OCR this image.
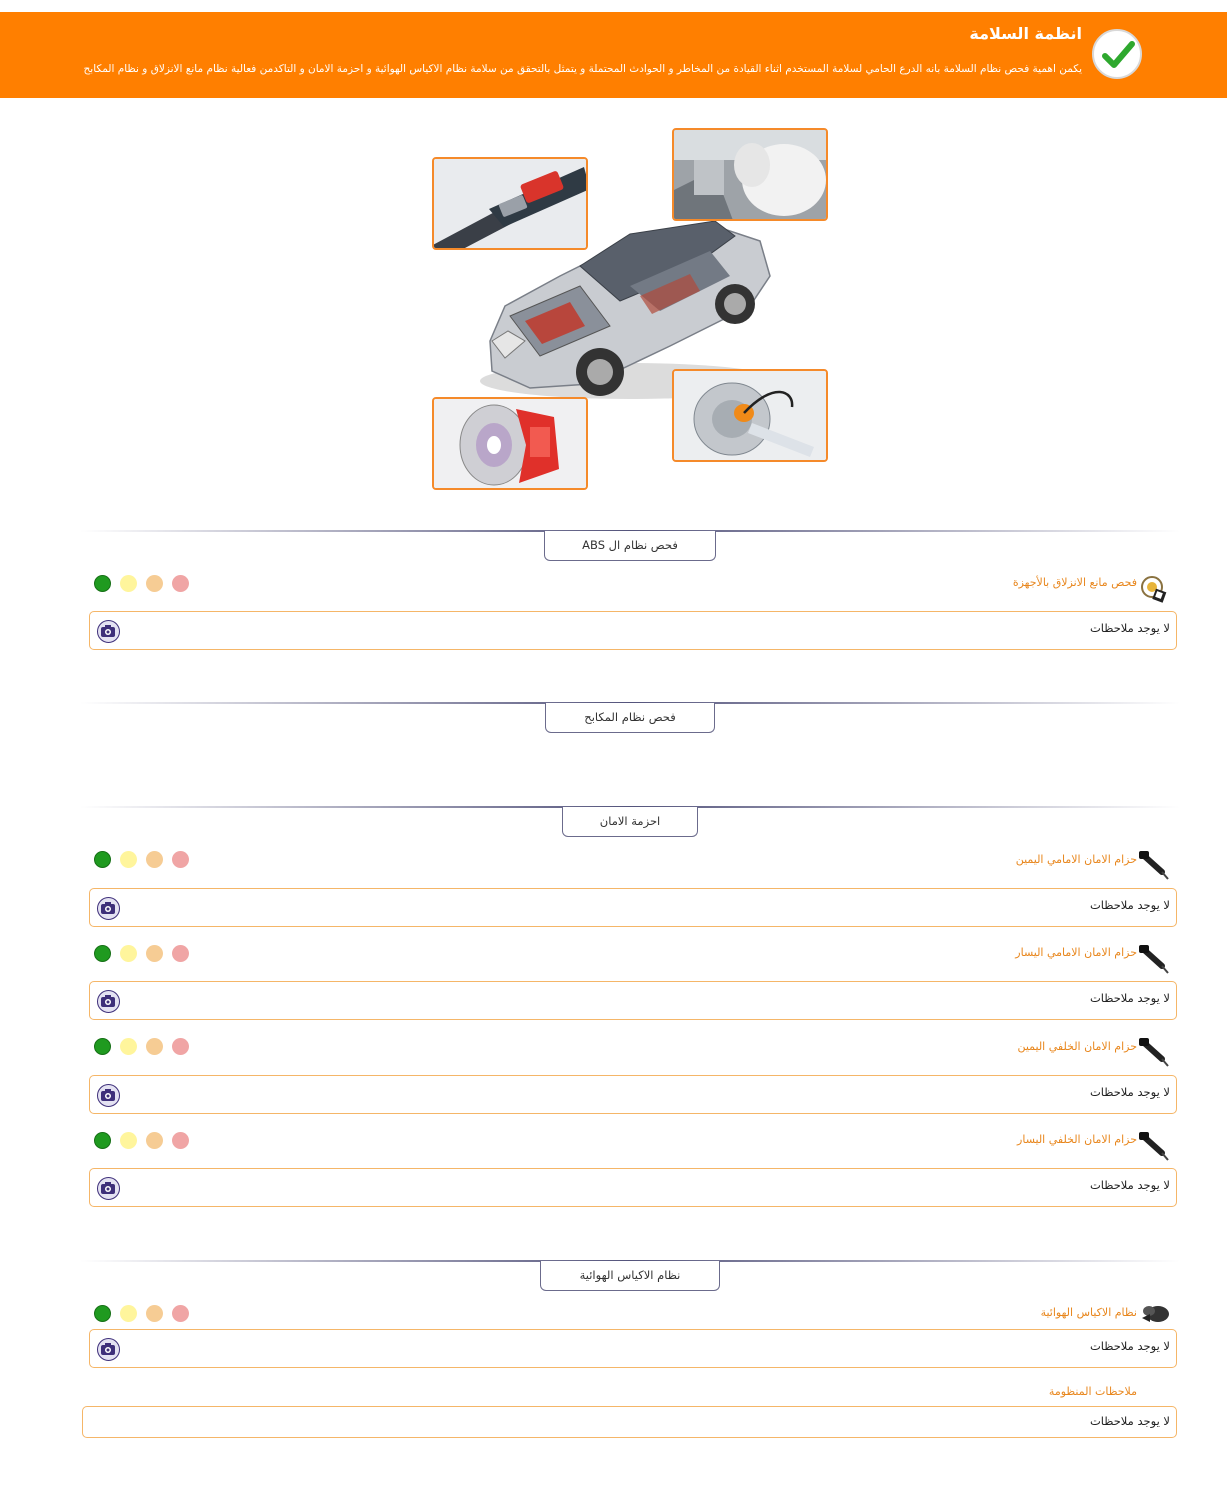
انظمة السلامة
يكمن اهمية فحص نظام السلامة بانه الدرع الحامي لسلامة المستخدم اثناء القيادة من المخاطر و الحوادث المحتملة و يتمثل بالتحقق من سلامة نظام الاكياس الهوائية و احزمة الامان و التاكدمن فعالية نظام مانع الانزلاق و نظام المكابح
فحص نظام ال ABS
فحص مانع الانزلاق بالأجهزة
لا يوجد ملاحظات
فحص نظام المكابح
احزمة الامان
حزام الامان الامامي اليمين
لا يوجد ملاحظات
حزام الامان الامامي اليسار
لا يوجد ملاحظات
حزام الامان الخلفي اليمين
لا يوجد ملاحظات
حزام الامان الخلفي اليسار
لا يوجد ملاحظات
نظام الاكياس الهوائية
نظام الاكياس الهوائية
لا يوجد ملاحظات
ملاحظات المنظومة
لا يوجد ملاحظات
